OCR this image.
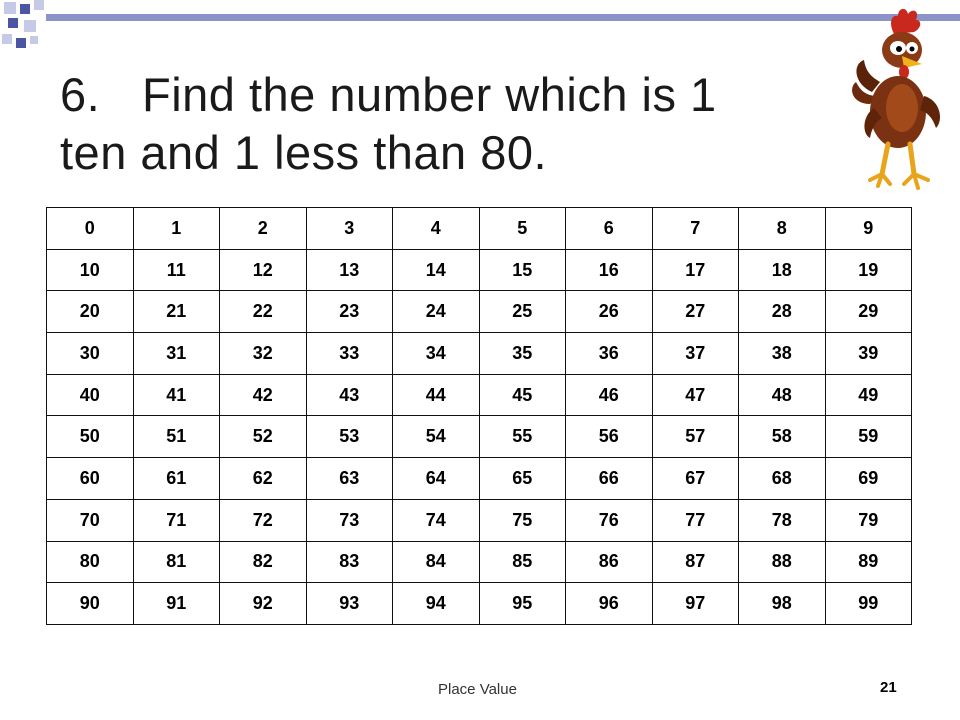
6. Find the number which is 1
ten and 1 less than 80.
0	1	2	3	4	5	6	7	8	9
10	11	12	13	14	15	16	17	18	19
20	21	22	23	24	25	26	27	28	29
30	31	32	33	34	35	36	37	38	39
40	41	42	43	44	45	46	47	48	49
50	51	52	53	54	55	56	57	58	59
60	61	62	63	64	65	66	67	68	69
70	71	72	73	74	75	76	77	78	79
80	81	82	83	84	85	86	87	88	89
90	91	92	93	94	95	96	97	98	99
Place Value	21
